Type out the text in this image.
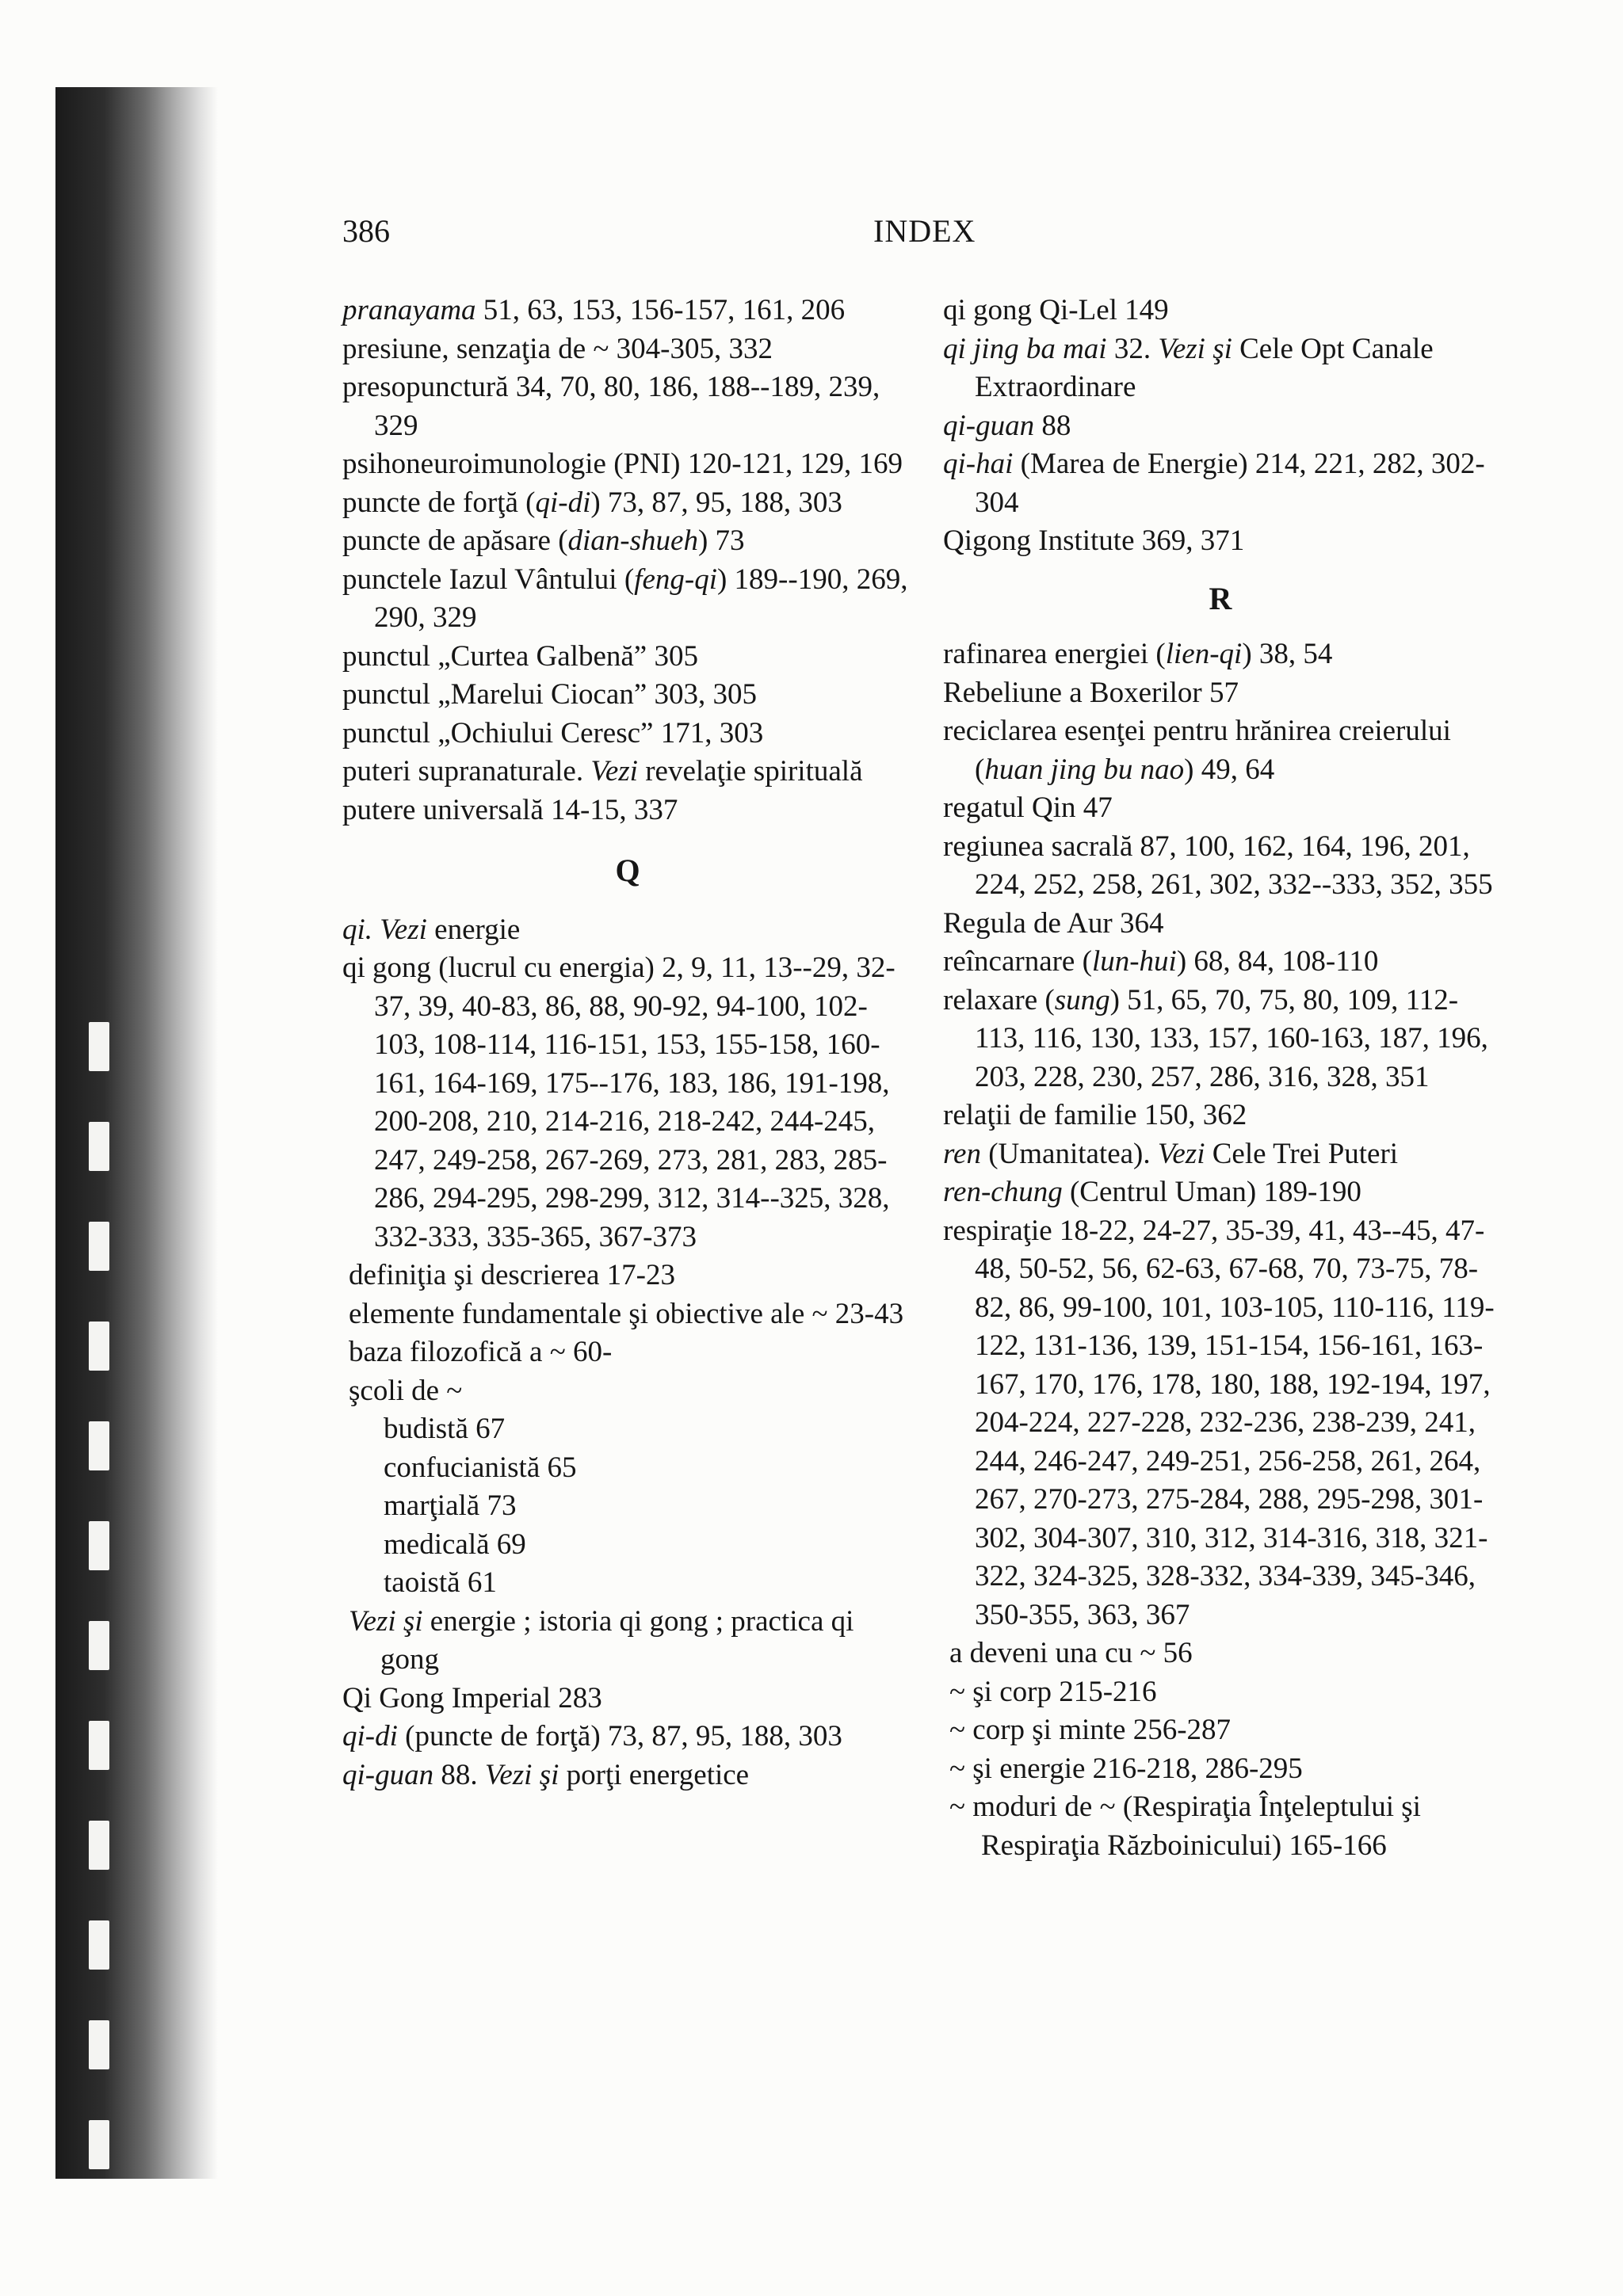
386	INDEX
pranayama 51, 63, 153, 156-157, 161, 206
presiune, senzaţia de ~ 304-305, 332
presopunctură 34, 70, 80, 186, 188--189, 239, 329
psihoneuroimunologie (PNI) 120-121, 129, 169
puncte de forţă (qi-di) 73, 87, 95, 188, 303
puncte de apăsare (dian-shueh) 73
punctele Iazul Vântului (feng-qi) 189--190, 269, 290, 329
punctul „Curtea Galbenă” 305
punctul „Marelui Ciocan” 303, 305
punctul „Ochiului Ceresc” 171, 303
puteri supranaturale. Vezi revelaţie spirituală
putere universală 14-15, 337
Q
qi. Vezi energie
qi gong (lucrul cu energia) 2, 9, 11, 13--29, 32-37, 39, 40-83, 86, 88, 90-92, 94-100, 102-103, 108-114, 116-151, 153, 155-158, 160-161, 164-169, 175--176, 183, 186, 191-198, 200-208, 210, 214-216, 218-242, 244-245, 247, 249-258, 267-269, 273, 281, 283, 285-286, 294-295, 298-299, 312, 314--325, 328, 332-333, 335-365, 367-373
definiţia şi descrierea 17-23
elemente fundamentale şi obiective ale ~ 23-43
baza filozofică a ~ 60-
şcoli de ~
budistă 67
confucianistă 65
marţială 73
medicală 69
taoistă 61
Vezi şi energie ; istoria qi gong ; practica qi gong
Qi Gong Imperial 283
qi-di (puncte de forţă) 73, 87, 95, 188, 303
qi-guan 88. Vezi şi porţi energetice
qi gong Qi-Lel 149
qi jing ba mai 32. Vezi şi Cele Opt Canale Extraordinare
qi-guan 88
qi-hai (Marea de Energie) 214, 221, 282, 302-304
Qigong Institute 369, 371
R
rafinarea energiei (lien-qi) 38, 54
Rebeliune a Boxerilor 57
reciclarea esenţei pentru hrănirea creierului (huan jing bu nao) 49, 64
regatul Qin 47
regiunea sacrală 87, 100, 162, 164, 196, 201, 224, 252, 258, 261, 302, 332--333, 352, 355
Regula de Aur 364
reîncarnare (lun-hui) 68, 84, 108-110
relaxare (sung) 51, 65, 70, 75, 80, 109, 112-113, 116, 130, 133, 157, 160-163, 187, 196, 203, 228, 230, 257, 286, 316, 328, 351
relaţii de familie 150, 362
ren (Umanitatea). Vezi Cele Trei Puteri
ren-chung (Centrul Uman) 189-190
respiraţie 18-22, 24-27, 35-39, 41, 43--45, 47-48, 50-52, 56, 62-63, 67-68, 70, 73-75, 78-82, 86, 99-100, 101, 103-105, 110-116, 119-122, 131-136, 139, 151-154, 156-161, 163-167, 170, 176, 178, 180, 188, 192-194, 197, 204-224, 227-228, 232-236, 238-239, 241, 244, 246-247, 249-251, 256-258, 261, 264, 267, 270-273, 275-284, 288, 295-298, 301-302, 304-307, 310, 312, 314-316, 318, 321-322, 324-325, 328-332, 334-339, 345-346, 350-355, 363, 367
a deveni una cu ~ 56
~ şi corp 215-216
~ corp şi minte 256-287
~ şi energie 216-218, 286-295
~ moduri de ~ (Respiraţia Înţeleptului şi Respiraţia Războinicului) 165-166
